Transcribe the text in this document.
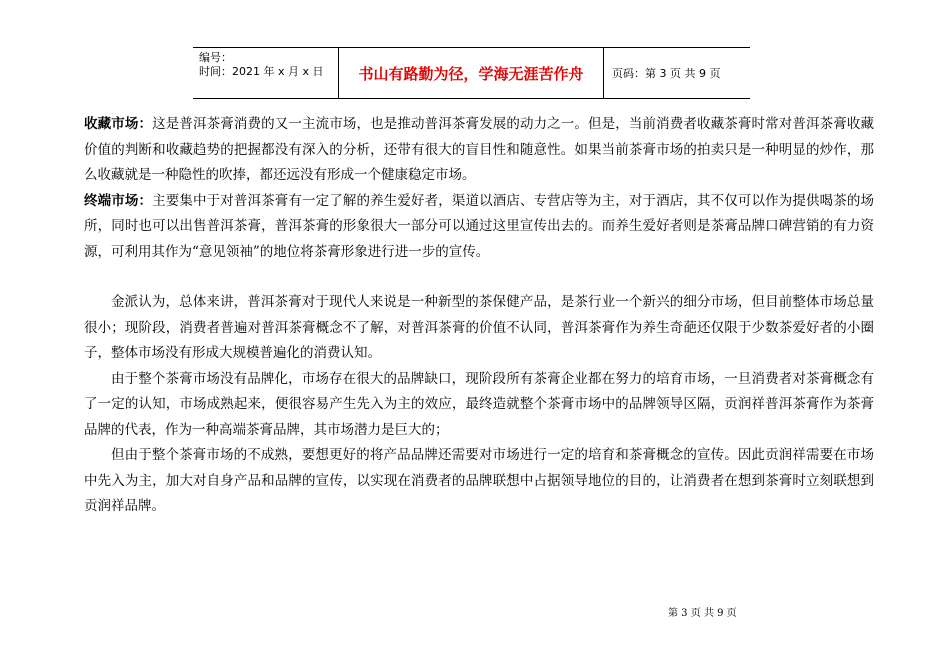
编号：
时间：2021 年 x 月 x 日	书山有路勤为径，学海无涯苦作舟	页码：第 3 页 共 9 页

收藏市场：这是普洱茶膏消费的又一主流市场，也是推动普洱茶膏发展的动力之一。但是，当前消费者收藏茶膏时常对普洱茶膏收藏价值的判断和收藏趋势的把握都没有深入的分析，还带有很大的盲目性和随意性。如果当前茶膏市场的拍卖只是一种明显的炒作，那么收藏就是一种隐性的吹捧，都还远没有形成一个健康稳定市场。

终端市场：主要集中于对普洱茶膏有一定了解的养生爱好者，渠道以酒店、专营店等为主，对于酒店，其不仅可以作为提供喝茶的场所，同时也可以出售普洱茶膏，普洱茶膏的形象很大一部分可以通过这里宣传出去的。而养生爱好者则是茶膏品牌口碑营销的有力资源，可利用其作为“意见领袖”的地位将茶膏形象进行进一步的宣传。

金派认为，总体来讲，普洱茶膏对于现代人来说是一种新型的茶保健产品，是茶行业一个新兴的细分市场，但目前整体市场总量很小；现阶段，消费者普遍对普洱茶膏概念不了解，对普洱茶膏的价值不认同，普洱茶膏作为养生奇葩还仅限于少数茶爱好者的小圈子，整体市场没有形成大规模普遍化的消费认知。

由于整个茶膏市场没有品牌化，市场存在很大的品牌缺口，现阶段所有茶膏企业都在努力的培育市场，一旦消费者对茶膏概念有了一定的认知，市场成熟起来，便很容易产生先入为主的效应，最终造就整个茶膏市场中的品牌领导区隔，贡润祥普洱茶膏作为茶膏品牌的代表，作为一种高端茶膏品牌，其市场潜力是巨大的；

但由于整个茶膏市场的不成熟，要想更好的将产品品牌还需要对市场进行一定的培育和茶膏概念的宣传。因此贡润祥需要在市场中先入为主，加大对自身产品和品牌的宣传，以实现在消费者的品牌联想中占据领导地位的目的，让消费者在想到茶膏时立刻联想到贡润祥品牌。

第 3 页 共 9 页
